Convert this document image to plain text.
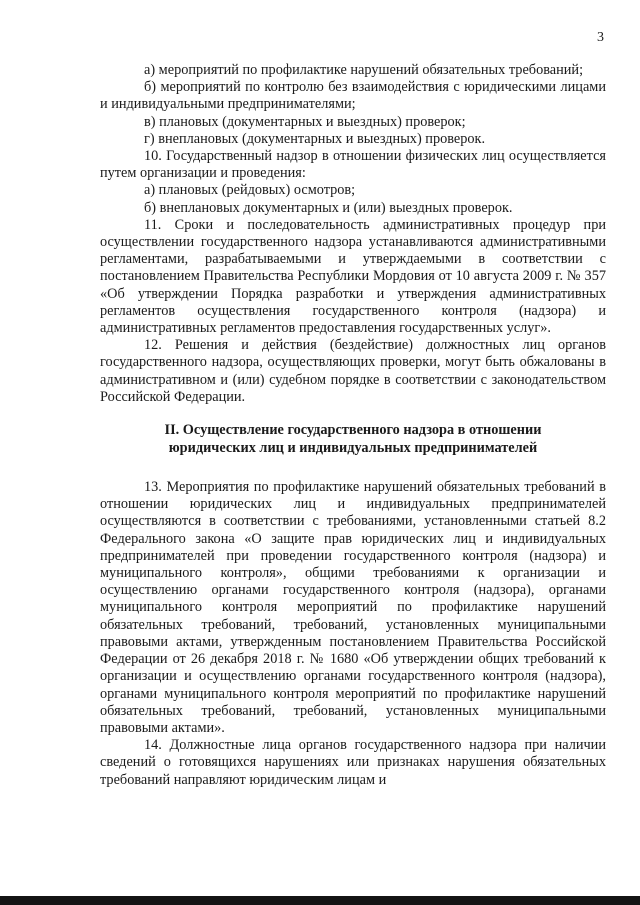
3

а) мероприятий по профилактике нарушений обязательных требований;

б) мероприятий по контролю без взаимодействия с юридическими лицами и индивидуальными предпринимателями;

в) плановых (документарных и выездных) проверок;

г) внеплановых (документарных и выездных) проверок.

10. Государственный надзор в отношении физических лиц осуществляется путем организации и проведения:

а) плановых (рейдовых) осмотров;

б) внеплановых документарных и (или) выездных проверок.

11. Сроки и последовательность административных процедур при осуществлении государственного надзора устанавливаются административными регламентами, разрабатываемыми и утверждаемыми в соответствии с постановлением Правительства Республики Мордовия от 10 августа 2009 г. № 357 «Об утверждении Порядка разработки и утверждения административных регламентов осуществления государственного контроля (надзора) и административных регламентов предоставления государственных услуг».

12. Решения и действия (бездействие) должностных лиц органов государственного надзора, осуществляющих проверки, могут быть обжалованы в административном и (или) судебном порядке в соответствии с законодательством Российской Федерации.

II. Осуществление государственного надзора в отношении
юридических лиц и индивидуальных предпринимателей

13. Мероприятия по профилактике нарушений обязательных требований в отношении юридических лиц и индивидуальных предпринимателей осуществляются в соответствии с требованиями, установленными статьей 8.2 Федерального закона «О защите прав юридических лиц и индивидуальных предпринимателей при проведении государственного контроля (надзора) и муниципального контроля», общими требованиями к организации и осуществлению органами государственного контроля (надзора), органами муниципального контроля мероприятий по профилактике нарушений обязательных требований, требований, установленных муниципальными правовыми актами, утвержденным постановлением Правительства Российской Федерации от 26 декабря 2018 г. № 1680 «Об утверждении общих требований к организации и осуществлению органами государственного контроля (надзора), органами муниципального контроля мероприятий по профилактике нарушений обязательных требований, требований, установленных муниципальными правовыми актами».

14. Должностные лица органов государственного надзора при наличии сведений о готовящихся нарушениях или признаках нарушения обязательных требований направляют юридическим лицам и
